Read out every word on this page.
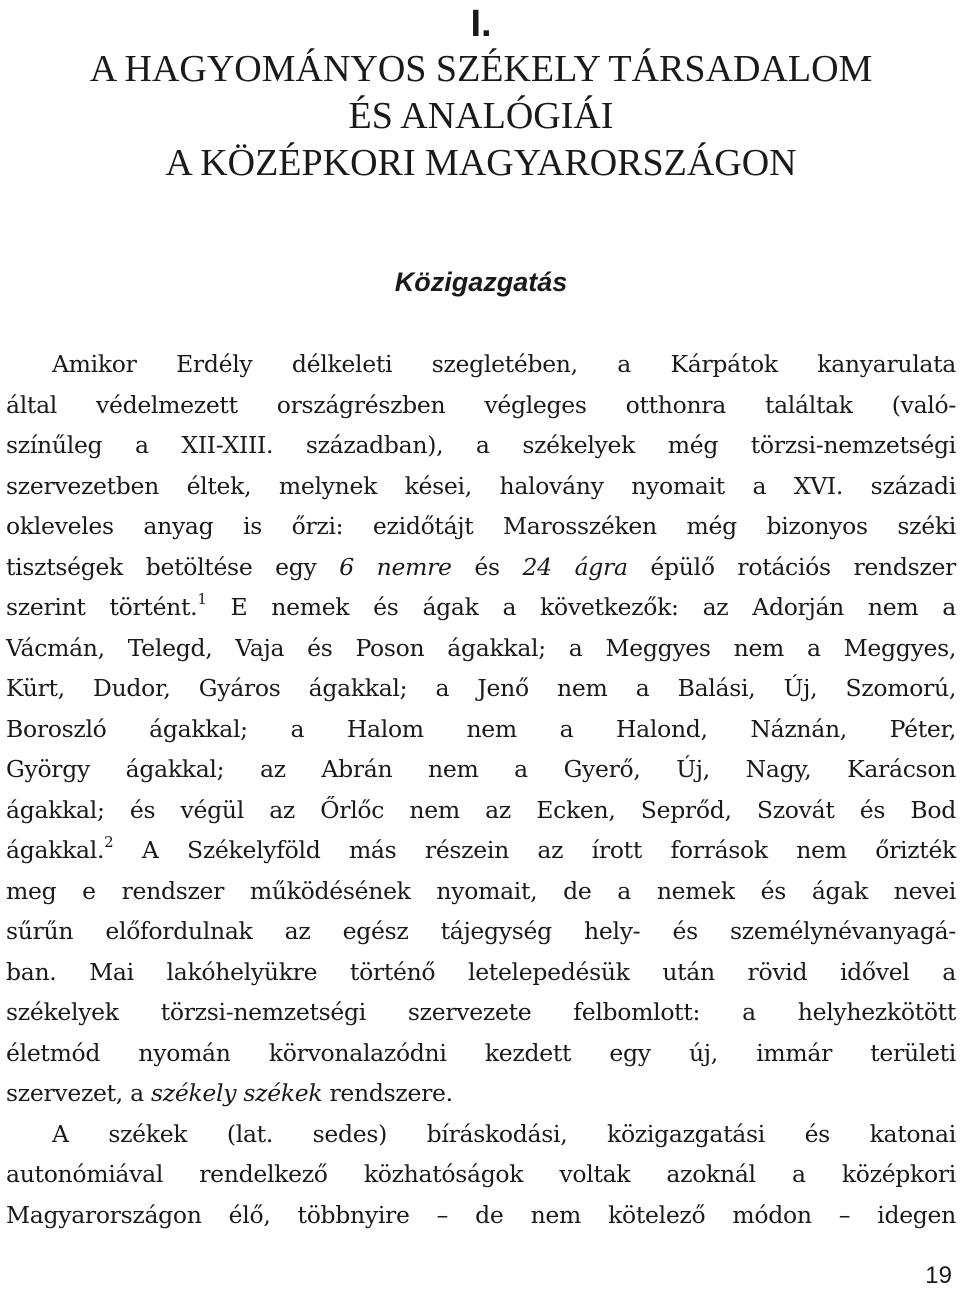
I.
A HAGYOMÁNYOS SZÉKELY TÁRSADALOM
ÉS ANALÓGIÁI
A KÖZÉPKORI MAGYARORSZÁGON
Közigazgatás
Amikor Erdély délkeleti szegletében, a Kárpátok kanyarulata
által védelmezett országrészben végleges otthonra találtak (való-
színűleg a XII-XIII. században), a székelyek még törzsi-nemzetségi
szervezetben éltek, melynek kései, halovány nyomait a XVI. századi
okleveles anyag is őrzi: ezidőtájt Marosszéken még bizonyos széki
tisztségek betöltése egy 6 nemre és 24 ágra épülő rotációs rendszer
szerint történt.$^1$ E nemek és ágak a következők: az Adorján nem a
Vácmán, Telegd, Vaja és Poson ágakkal; a Meggyes nem a Meggyes,
Kürt, Dudor, Gyáros ágakkal; a Jenő nem a Balási, Új, Szomorú,
Boroszló ágakkal; a Halom nem a Halond, Náznán, Péter,
György ágakkal; az Abrán nem a Gyerő, Új, Nagy, Karácson
ágakkal; és végül az Őrlőc nem az Ecken, Seprőd, Szovát és Bod
ágakkal.$^2$ A Székelyföld más részein az írott források nem őrizték
meg e rendszer működésének nyomait, de a nemek és ágak nevei
sűrűn előfordulnak az egész tájegység hely- és személynévanyagá-
ban. Mai lakóhelyükre történő letelepedésük után rövid idővel a
székelyek törzsi-nemzetségi szervezete felbomlott: a helyhezkötött
életmód nyomán körvonalazódni kezdett egy új, immár területi
szervezet, a székely székek rendszere.
A székek (lat. sedes) bíráskodási, közigazgatási és katonai
autonómiával rendelkező közhatóságok voltak azoknál a középkori
Magyarországon élő, többnyire – de nem kötelező módon – idegen
19
